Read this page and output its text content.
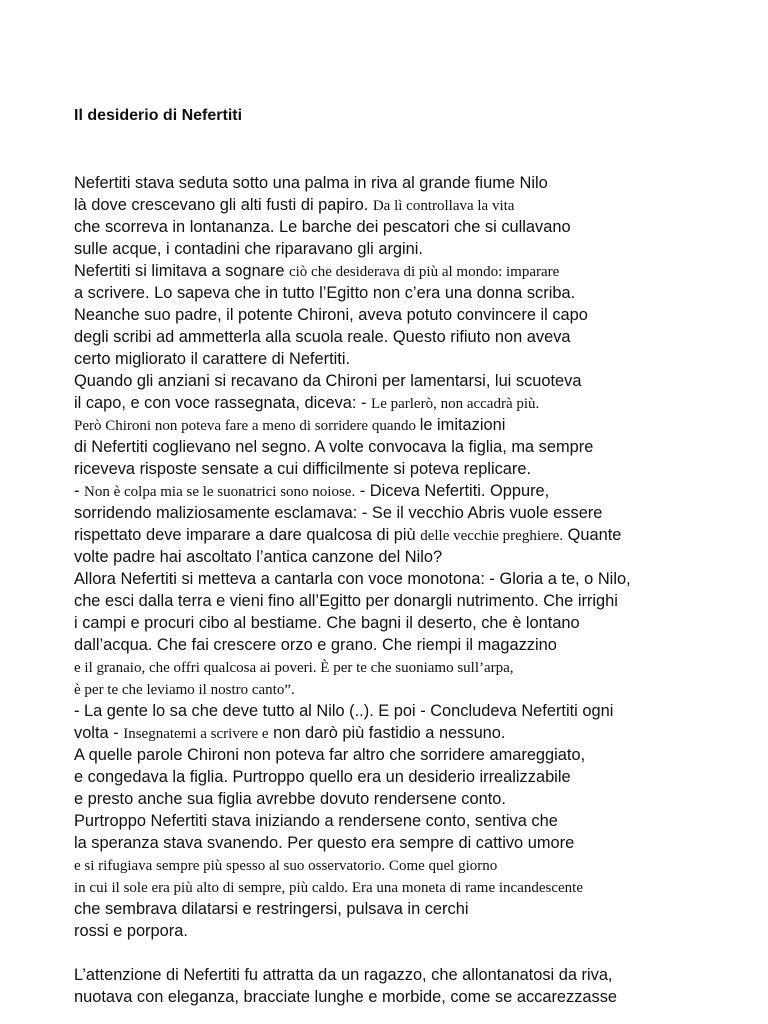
Il desiderio di Nefertiti
Nefertiti stava seduta sotto una palma in riva al grande fiume Nilo
là dove crescevano gli alti fusti di papiro. Da lì controllava la vita
che scorreva in lontananza. Le barche dei pescatori che si cullavano
sulle acque, i contadini che riparavano gli argini.
Nefertiti si limitava a sognare ciò che desiderava di più al mondo: imparare
a scrivere. Lo sapeva che in tutto l’Egitto non c’era una donna scriba.
Neanche suo padre, il potente Chironi, aveva potuto convincere il capo
degli scribi ad ammetterla alla scuola reale. Questo rifiuto non aveva
certo migliorato il carattere di Nefertiti.
Quando gli anziani si recavano da Chironi per lamentarsi, lui scuoteva
il capo, e con voce rassegnata, diceva: - Le parlerò, non accadrà più.
Però Chironi non poteva fare a meno di sorridere quando le imitazioni
di Nefertiti coglievano nel segno. A volte convocava la figlia, ma sempre
riceveva risposte sensate a cui difficilmente si poteva replicare.
- Non è colpa mia se le suonatrici sono noiose. - Diceva Nefertiti. Oppure,
sorridendo maliziosamente esclamava: - Se il vecchio Abris vuole essere
rispettato deve imparare a dare qualcosa di più delle vecchie preghiere. Quante
volte padre hai ascoltato l’antica canzone del Nilo?
Allora Nefertiti si metteva a cantarla con voce monotona: - Gloria a te, o Nilo,
che esci dalla terra e vieni fino all’Egitto per donargli nutrimento. Che irrighi
i campi e procuri cibo al bestiame. Che bagni il deserto, che è lontano
dall’acqua. Che fai crescere orzo e grano. Che riempi il magazzino
e il granaio, che offri qualcosa ai poveri. È per te che suoniamo sull’arpa,
è per te che leviamo il nostro canto”.
- La gente lo sa che deve tutto al Nilo (..). E poi - Concludeva Nefertiti ogni
volta - Insegnatemi a scrivere e non darò più fastidio a nessuno.
A quelle parole Chironi non poteva far altro che sorridere amareggiato,
e congedava la figlia. Purtroppo quello era un desiderio irrealizzabile
e presto anche sua figlia avrebbe dovuto rendersene conto.
Purtroppo Nefertiti stava iniziando a rendersene conto, sentiva che
la speranza stava svanendo. Per questo era sempre di cattivo umore
e si rifugiava sempre più spesso al suo osservatorio. Come quel giorno
in cui il sole era più alto di sempre, più caldo. Era una moneta di rame incandescente
che sembrava dilatarsi e restringersi, pulsava in cerchi
rossi e porpora.
L’attenzione di Nefertiti fu attratta da un ragazzo, che allontanatosi da riva,
nuotava con eleganza, bracciate lunghe e morbide, come se accarezzasse
